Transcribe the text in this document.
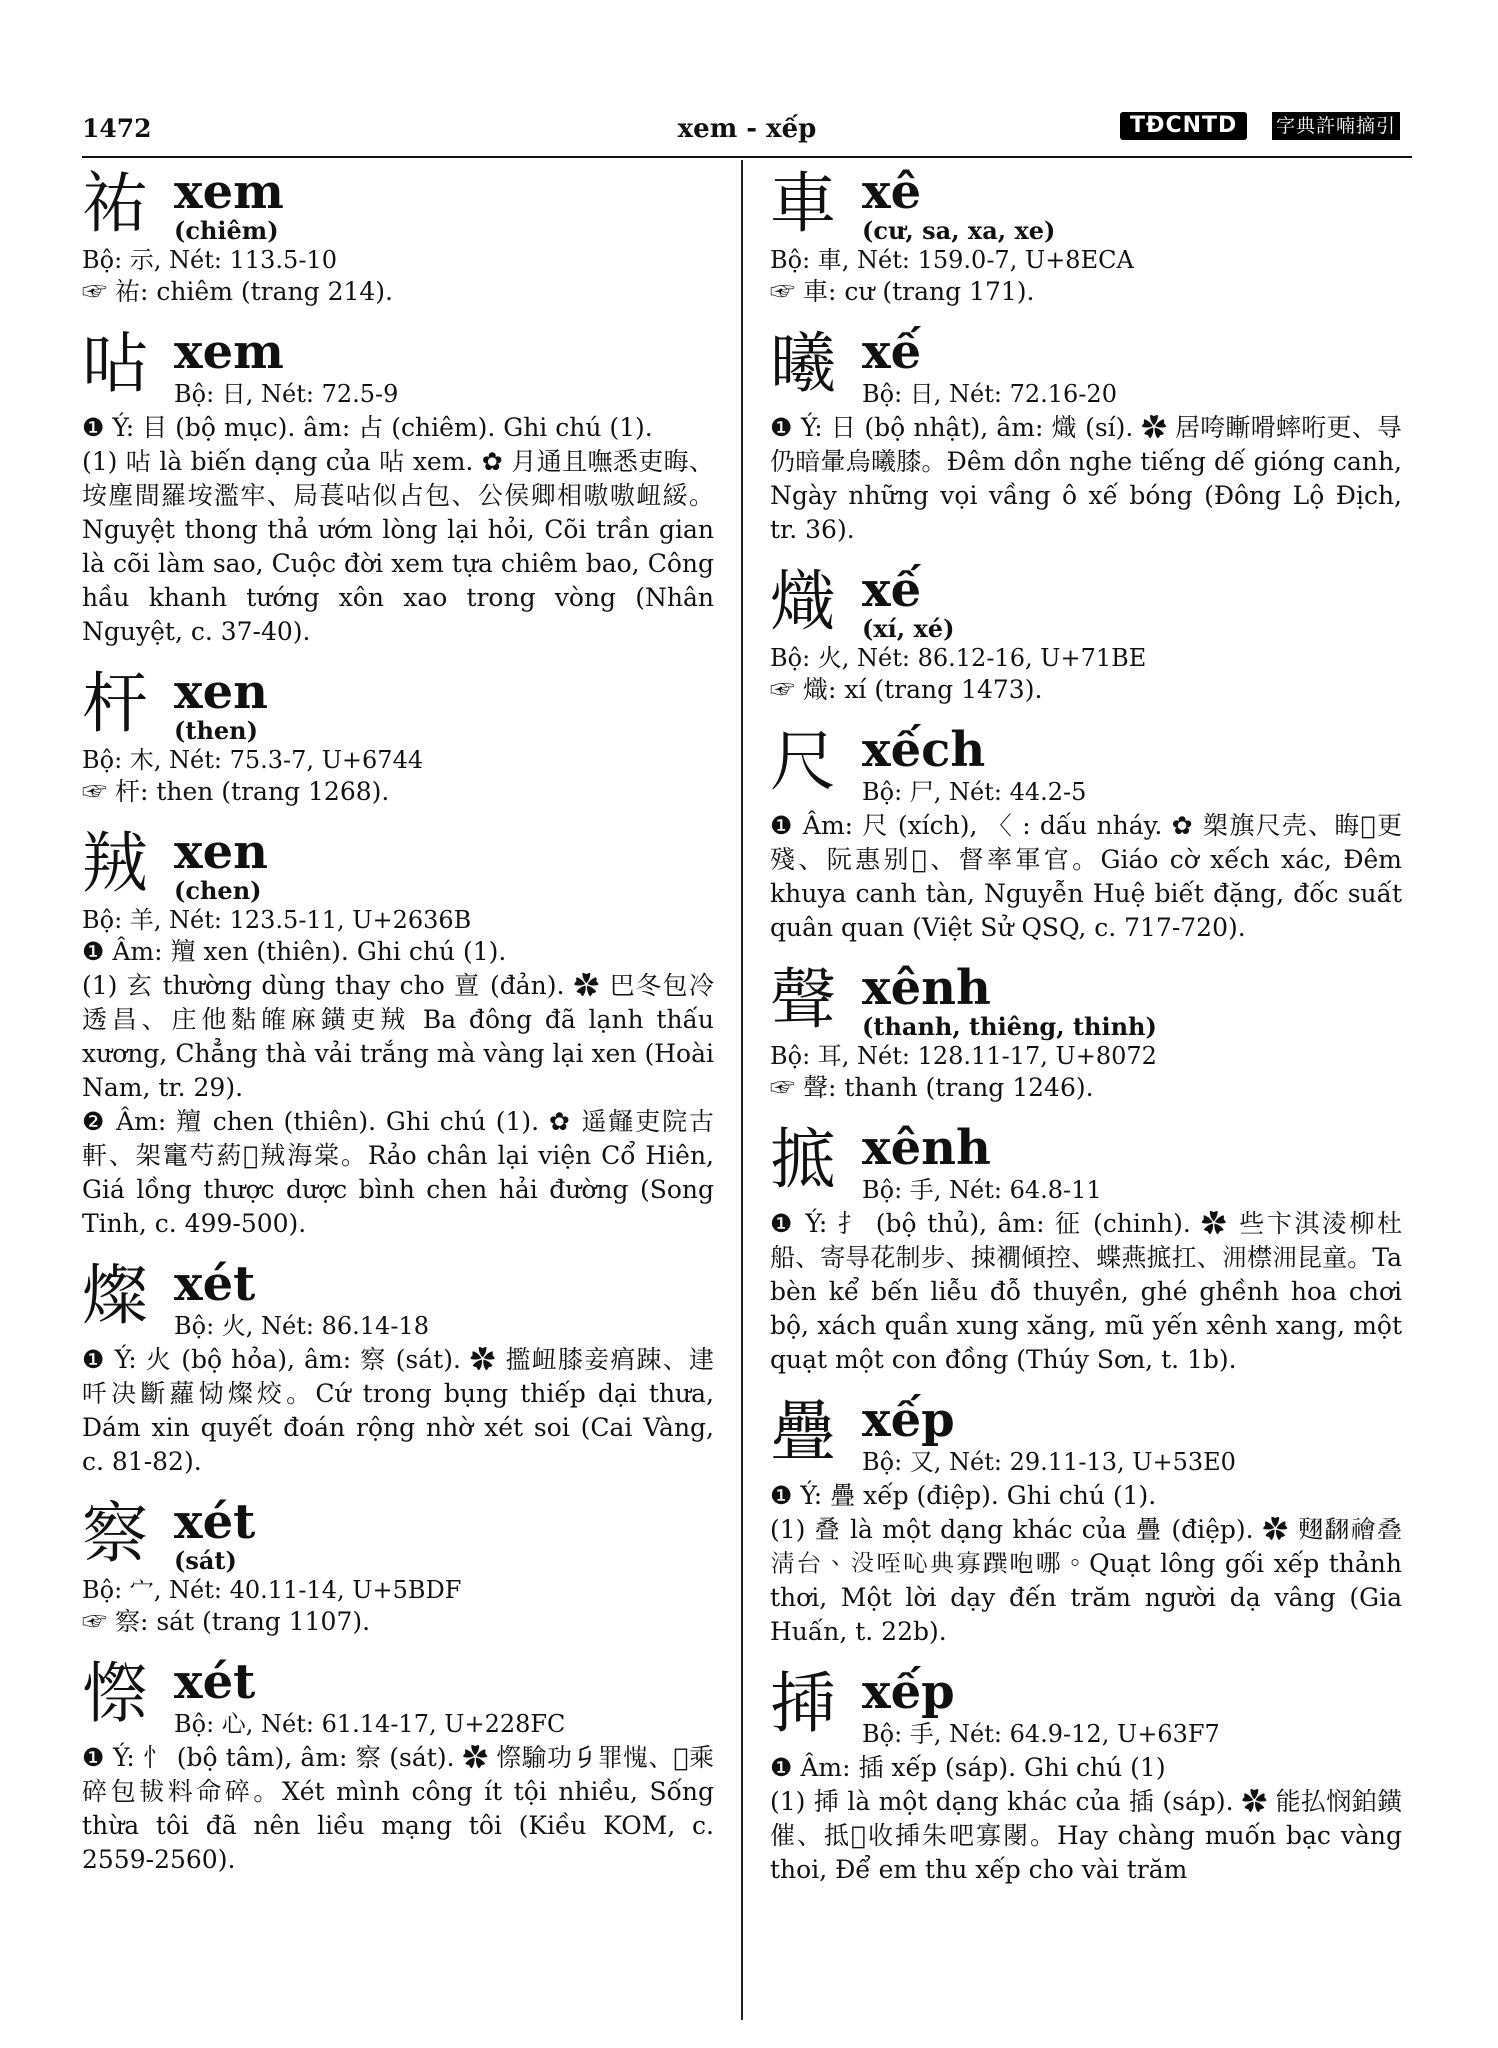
1472	xem - xếp	TĐCNTD	字典許喃摘引
祐 xem
(chiêm)
Bộ: 示, Nét: 113.5-10
☞ 祐: chiêm (trang 214).
呫 xem
Bộ: 日, Nét: 72.5-9
❶ Ý: 目 (bộ mục). âm: 占 (chiêm). Ghi chú (1).
(1) 呫 là biến dạng của 呫 xem. ✿ 月通且嘸悉吏晦、垵塵間羅垵濫牢、局萇呫似占包、公侯卿相嗷嗷衄綏。Nguyệt thong thả ướm lòng lại hỏi, Cõi trần gian là cõi làm sao, Cuộc đời xem tựa chiêm bao, Công hầu khanh tướng xôn xao trong vòng (Nhân Nguyệt, c. 37-40).
杆 xen
(then)
Bộ: 木, Nét: 75.3-7, U+6744
☞ 杆: then (trang 1268).
羢 xen
(chen)
Bộ: 羊, Nét: 123.5-11, U+2636B
❶ Âm: 羶 xen (thiên). Ghi chú (1).
(1) 玄 thường dùng thay cho 亶 (đản). ✿ 巴冬包冷透昌、庄他䴴㿥麻鐄吏羢 Ba đông đã lạnh thấu xương, Chẳng thà vải trắng mà vàng lại xen (Hoài Nam, tr. 29).
❷ Âm: 羶 chen (thiên). Ghi chú (1). ✿ 遥䪥吏院古軒、架竃芍葯𣰤羢海棠。Rảo chân lại viện Cổ Hiên, Giá lồng thược dược bình chen hải đường (Song Tinh, c. 499-500).
燦 xét
Bộ: 火, Nét: 86.14-18
❶ Ý: 火 (bộ hỏa), âm: 察 (sát). ✿ 㩜衄膝妾㾓踈、䢖吀决斷蘿恸燦烄。Cứ trong bụng thiếp dại thưa, Dám xin quyết đoán rộng nhờ xét soi (Cai Vàng, c. 81-82).
察 xét
(sát)
Bộ: 宀, Nét: 40.11-14, U+5BDF
☞ 察: sát (trang 1107).
憏 xét
Bộ: 心, Nét: 61.14-17, U+228FC
❶ Ý: 忄 (bộ tâm), âm: 察 (sát). ✿ 憏騟功𠂎罪𢢯、𦖑乘碎包韨料命碎。Xét mình công ít tội nhiều, Sống thừa tôi đã nên liều mạng tôi (Kiều KOM, c. 2559-2560).
車 xê
(cư, sa, xa, xe)
Bộ: 車, Nét: 159.0-7, U+8ECA
☞ 車: cư (trang 171).
曦 xế
Bộ: 日, Nét: 72.16-20
❶ Ý: 日 (bộ nhật), âm: 熾 (sí). ✿ 居咵䁪嗗蟀哘更、㝵仍暗暈烏曦膝。Đêm dồn nghe tiếng dế gióng canh, Ngày những vọi vầng ô xế bóng (Đông Lộ Địch, tr. 36).
熾 xế
(xí, xé)
Bộ: 火, Nét: 86.12-16, U+71BE
☞ 熾: xí (trang 1473).
尺 xếch
Bộ: 尸, Nét: 44.2-5
❶ Âm: 尺 (xích), 〈 : dấu nháy. ✿ 槊旗尺壳、䀲𠼯更殘、阮惠别𠾕、督率軍官。Giáo cờ xếch xác, Đêm khuya canh tàn, Nguyễn Huệ biết đặng, đốc suất quân quan (Việt Sử QSQ, c. 717-720).
聲 xênh
(thanh, thiêng, thinh)
Bộ: 耳, Nét: 128.11-17, U+8072
☞ 聲: thanh (trang 1246).
掋 xênh
Bộ: 手, Nét: 64.8-11
❶ Ý: 扌 (bộ thủ), âm: 征 (chinh). ✿ 些卞淇淩柳杜船、寄㝵花制步、拺襉傾控、蝶燕掋扛、𣳔㯲𣳔昆童。Ta bèn kể bến liễu đỗ thuyền, ghé ghềnh hoa chơi bộ, xách quần xung xăng, mũ yến xênh xang, một quạt một con đồng (Thúy Sơn, t. 1b).
疊 xếp
Bộ: 又, Nét: 29.11-13, U+53E0
❶ Ý: 疊 xếp (điệp). Ghi chú (1).
(1) 叠 là một dạng khác của 疊 (điệp). ✿ 𦑃翻禬叠清台、没咥吣典寡䠣咆哪。Quạt lông gối xếp thảnh thơi, Một lời dạy đến trăm người dạ vâng (Gia Huấn, t. 22b).
揷 xếp
Bộ: 手, Nét: 64.9-12, U+63F7
❶ Âm: 插 xếp (sáp). Ghi chú (1)
(1) 揷 là một dạng khác của 插 (sáp). ✿ 能払悯鉑鐄催、抵𡛔收揷朱吧寡閿。Hay chàng muốn bạc vàng thoi, Để em thu xếp cho vài trăm
